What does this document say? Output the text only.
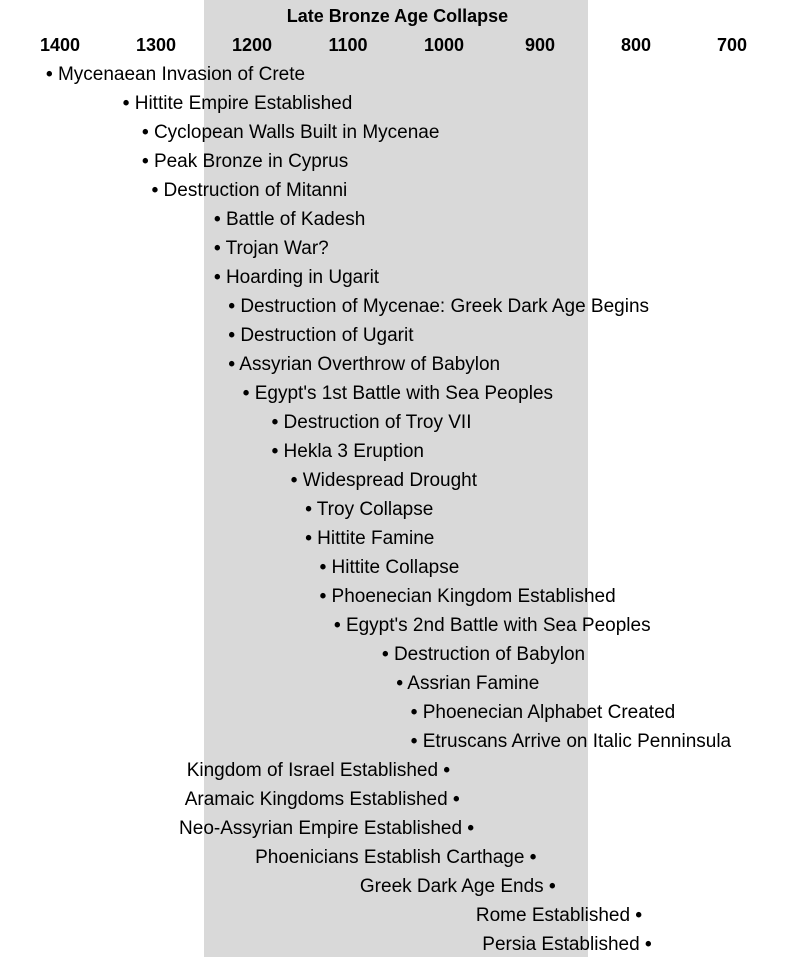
Late Bronze Age Collapse
1400	1300	1200	1100	1000	900	800	700
• Mycenaean Invasion of Crete
• Hittite Empire Established
• Cyclopean Walls Built in Mycenae
• Peak Bronze in Cyprus
• Destruction of Mitanni
• Battle of Kadesh
• Trojan War?
• Hoarding in Ugarit
• Destruction of Mycenae: Greek Dark Age Begins
• Destruction of Ugarit
• Assyrian Overthrow of Babylon
• Egypt's 1st Battle with Sea Peoples
• Destruction of Troy VII
• Hekla 3 Eruption
• Widespread Drought
• Troy Collapse
• Hittite Famine
• Hittite Collapse
• Phoenecian Kingdom Established
• Egypt's 2nd Battle with Sea Peoples
• Destruction of Babylon
• Assrian Famine
• Phoenecian Alphabet Created
• Etruscans Arrive on Italic Penninsula
Kingdom of Israel Established •
Aramaic Kingdoms Established •
Neo-Assyrian Empire Established •
Phoenicians Establish Carthage •
Greek Dark Age Ends •
Rome Established •
Persia Established •
